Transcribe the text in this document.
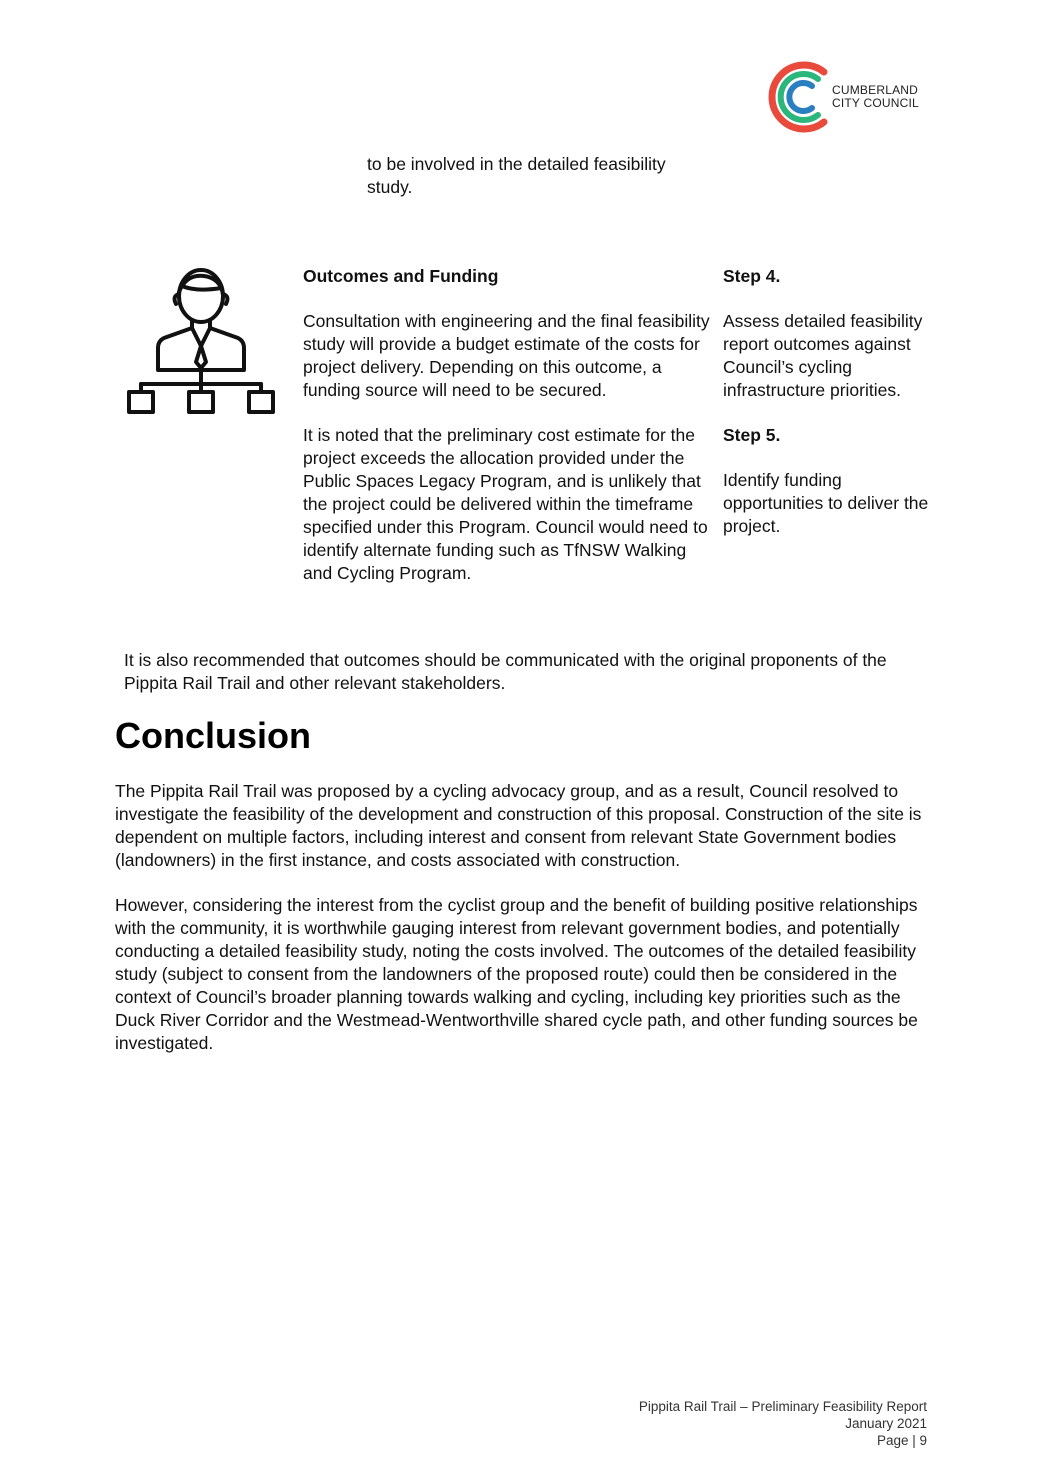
CUMBERLAND
CITY COUNCIL
to be involved in the detailed feasibility study.
Outcomes and Funding

Consultation with engineering and the final feasibility study will provide a budget estimate of the costs for project delivery. Depending on this outcome, a funding source will need to be secured.

It is noted that the preliminary cost estimate for the project exceeds the allocation provided under the Public Spaces Legacy Program, and is unlikely that the project could be delivered within the timeframe specified under this Program. Council would need to identify alternate funding such as TfNSW Walking and Cycling Program.

Step 4.

Assess detailed feasibility report outcomes against Council’s cycling infrastructure priorities.

Step 5.

Identify funding opportunities to deliver the project.

It is also recommended that outcomes should be communicated with the original proponents of the Pippita Rail Trail and other relevant stakeholders.
Conclusion

The Pippita Rail Trail was proposed by a cycling advocacy group, and as a result, Council resolved to investigate the feasibility of the development and construction of this proposal. Construction of the site is dependent on multiple factors, including interest and consent from relevant State Government bodies (landowners) in the first instance, and costs associated with construction.

However, considering the interest from the cyclist group and the benefit of building positive relationships with the community, it is worthwhile gauging interest from relevant government bodies, and potentially conducting a detailed feasibility study, noting the costs involved. The outcomes of the detailed feasibility study (subject to consent from the landowners of the proposed route) could then be considered in the context of Council’s broader planning towards walking and cycling, including key priorities such as the Duck River Corridor and the Westmead-Wentworthville shared cycle path, and other funding sources be investigated.

Pippita Rail Trail – Preliminary Feasibility Report
January 2021
Page | 9
